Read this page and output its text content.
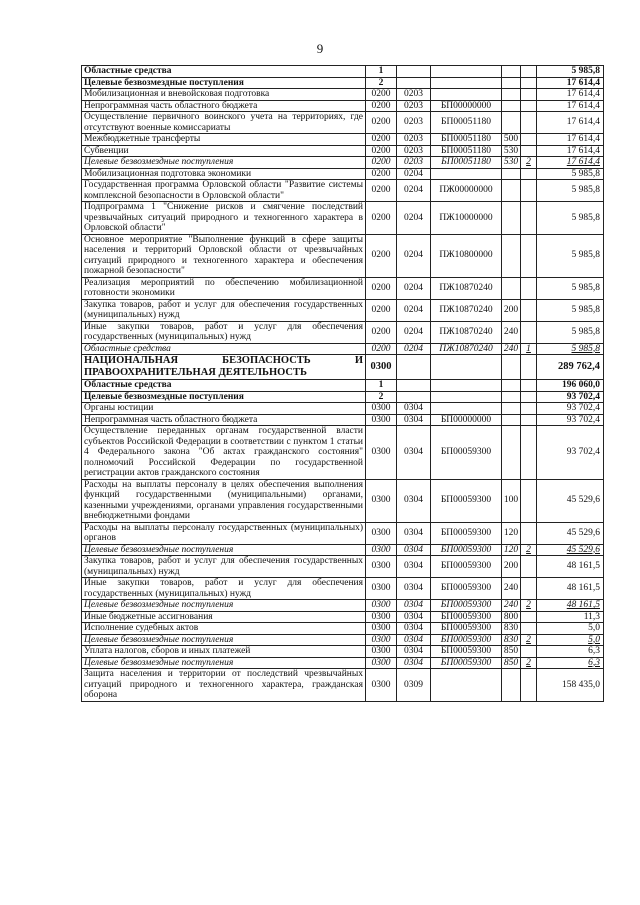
9
Областные средства	1					5 985,8
Целевые безвозмездные поступления	2					17 614,4
Мобилизационная и вневойсковая подготовка	0200	0203				17 614,4
Непрограммная часть областного бюджета	0200	0203	БП00000000			17 614,4
Осуществление первичного воинского учета на территориях, где отсутствуют военные комиссариаты	0200	0203	БП00051180			17 614,4
Межбюджетные трансферты	0200	0203	БП00051180	500		17 614,4
Субвенции	0200	0203	БП00051180	530		17 614,4
Целевые безвозмездные поступления	0200	0203	БП00051180	530	2	17 614,4
Мобилизационная подготовка экономики	0200	0204				5 985,8
Государственная программа Орловской области "Развитие системы комплексной безопасности в Орловской области"	0200	0204	ПЖ00000000			5 985,8
Подпрограмма 1 "Снижение рисков и смягчение последствий чрезвычайных ситуаций природного и техногенного характера в Орловской области"	0200	0204	ПЖ10000000			5 985,8
Основное мероприятие "Выполнение функций в сфере защиты населения и территорий Орловской области от чрезвычайных ситуаций природного и техногенного характера и обеспечения пожарной безопасности"	0200	0204	ПЖ10800000			5 985,8
Реализация мероприятий по обеспечению мобилизационной готовности экономики	0200	0204	ПЖ10870240			5 985,8
Закупка товаров, работ и услуг для обеспечения государственных (муниципальных) нужд	0200	0204	ПЖ10870240	200		5 985,8
Иные закупки товаров, работ и услуг для обеспечения государственных (муниципальных) нужд	0200	0204	ПЖ10870240	240		5 985,8
Областные средства	0200	0204	ПЖ10870240	240	1	5 985,8
НАЦИОНАЛЬНАЯ БЕЗОПАСНОСТЬ И ПРАВООХРАНИТЕЛЬНАЯ ДЕЯТЕЛЬНОСТЬ	0300					289 762,4
Областные средства	1					196 060,0
Целевые безвозмездные поступления	2					93 702,4
Органы юстиции	0300	0304				93 702,4
Непрограммная часть областного бюджета	0300	0304	БП00000000			93 702,4
Осуществление переданных органам государственной власти субъектов Российской Федерации в соответствии с пунктом 1 статьи 4 Федерального закона "Об актах гражданского состояния" полномочий Российской Федерации по государственной регистрации актов гражданского состояния	0300	0304	БП00059300			93 702,4
Расходы на выплаты персоналу в целях обеспечения выполнения функций государственными (муниципальными) органами, казенными учреждениями, органами управления государственными внебюджетными фондами	0300	0304	БП00059300	100		45 529,6
Расходы на выплаты персоналу государственных (муниципальных) органов	0300	0304	БП00059300	120		45 529,6
Целевые безвозмездные поступления	0300	0304	БП00059300	120	2	45 529,6
Закупка товаров, работ и услуг для обеспечения государственных (муниципальных) нужд	0300	0304	БП00059300	200		48 161,5
Иные закупки товаров, работ и услуг для обеспечения государственных (муниципальных) нужд	0300	0304	БП00059300	240		48 161,5
Целевые безвозмездные поступления	0300	0304	БП00059300	240	2	48 161,5
Иные бюджетные ассигнования	0300	0304	БП00059300	800		11,3
Исполнение судебных актов	0300	0304	БП00059300	830		5,0
Целевые безвозмездные поступления	0300	0304	БП00059300	830	2	5,0
Уплата налогов, сборов и иных платежей	0300	0304	БП00059300	850		6,3
Целевые безвозмездные поступления	0300	0304	БП00059300	850	2	6,3
Защита населения и территории от последствий чрезвычайных ситуаций природного и техногенного характера, гражданская оборона	0300	0309				158 435,0
